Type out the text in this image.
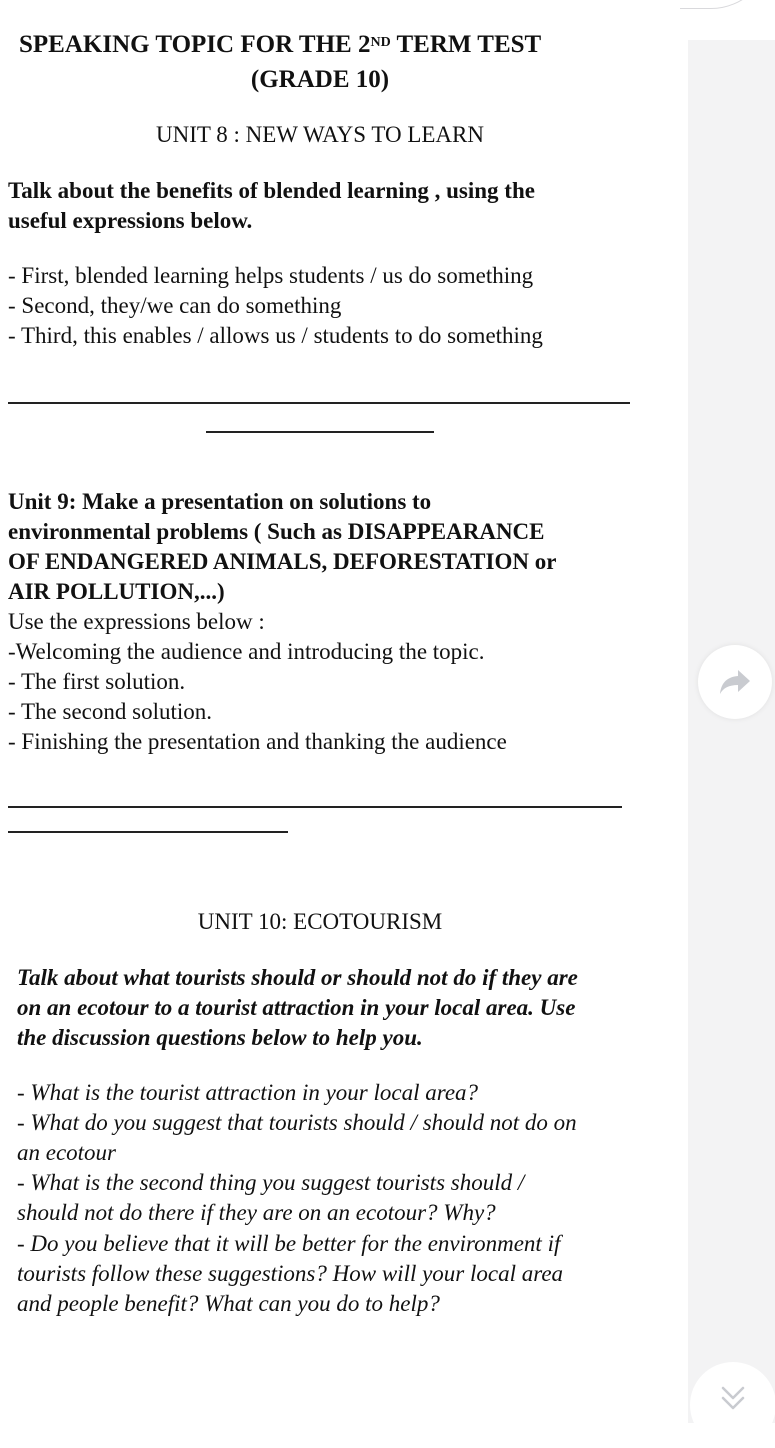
SPEAKING TOPIC FOR THE 2ND TERM TEST

(GRADE 10)

UNIT 8 : NEW WAYS TO LEARN

Talk about the benefits of blended learning , using the

useful expressions below.

- First, blended learning helps students / us do something

- Second, they/we can do something

- Third, this enables / allows us / students to do something

Unit 9: Make a presentation on solutions to

environmental problems ( Such as DISAPPEARANCE

OF ENDANGERED ANIMALS, DEFORESTATION or

AIR POLLUTION,...)

Use the expressions below :

-Welcoming the audience and introducing the topic.

- The first solution.

- The second solution.

- Finishing the presentation and thanking the audience

UNIT 10: ECOTOURISM

Talk about what tourists should or should not do if they are

on an ecotour to a tourist attraction in your local area. Use

the discussion questions below to help you.

- What is the tourist attraction in your local area?

- What do you suggest that tourists should / should not do on

an ecotour

- What is the second thing you suggest tourists should /

should not do there if they are on an ecotour? Why?

- Do you believe that it will be better for the environment if

tourists follow these suggestions? How will your local area

and people benefit? What can you do to help?
